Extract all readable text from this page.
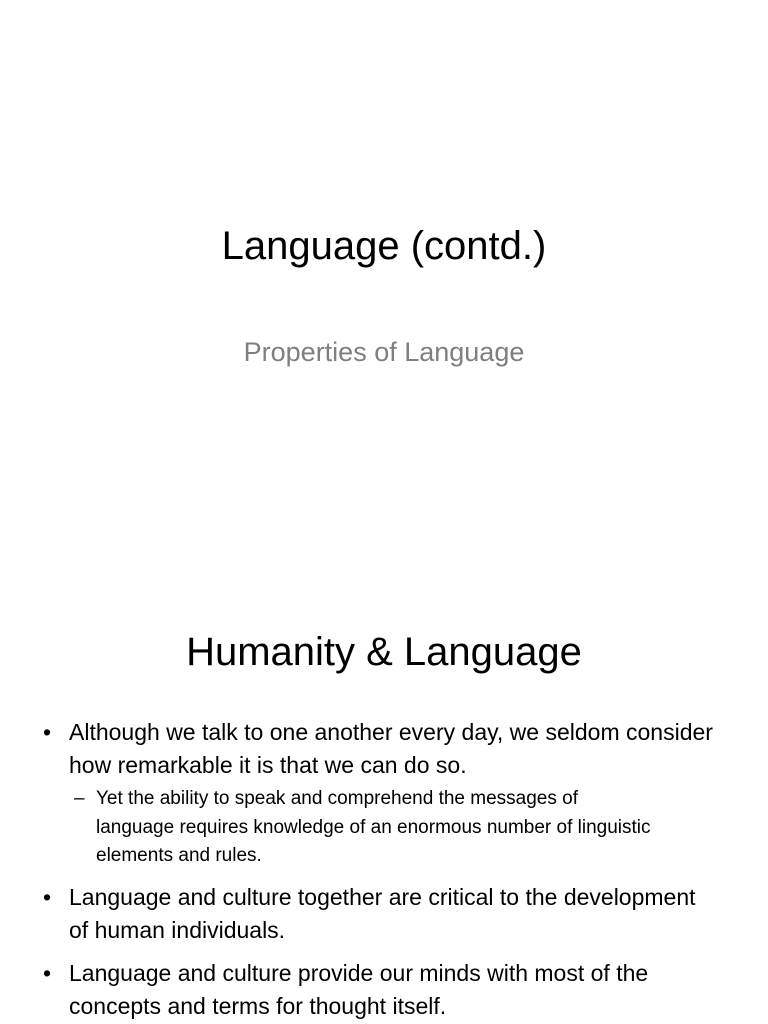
Language (contd.)
Properties of Language
Humanity & Language
• Although we talk to one another every day, we seldom consider how remarkable it is that we can do so.
– Yet the ability to speak and comprehend the messages of language requires knowledge of an enormous number of linguistic elements and rules.
• Language and culture together are critical to the development of human individuals.
• Language and culture provide our minds with most of the concepts and terms for thought itself.
